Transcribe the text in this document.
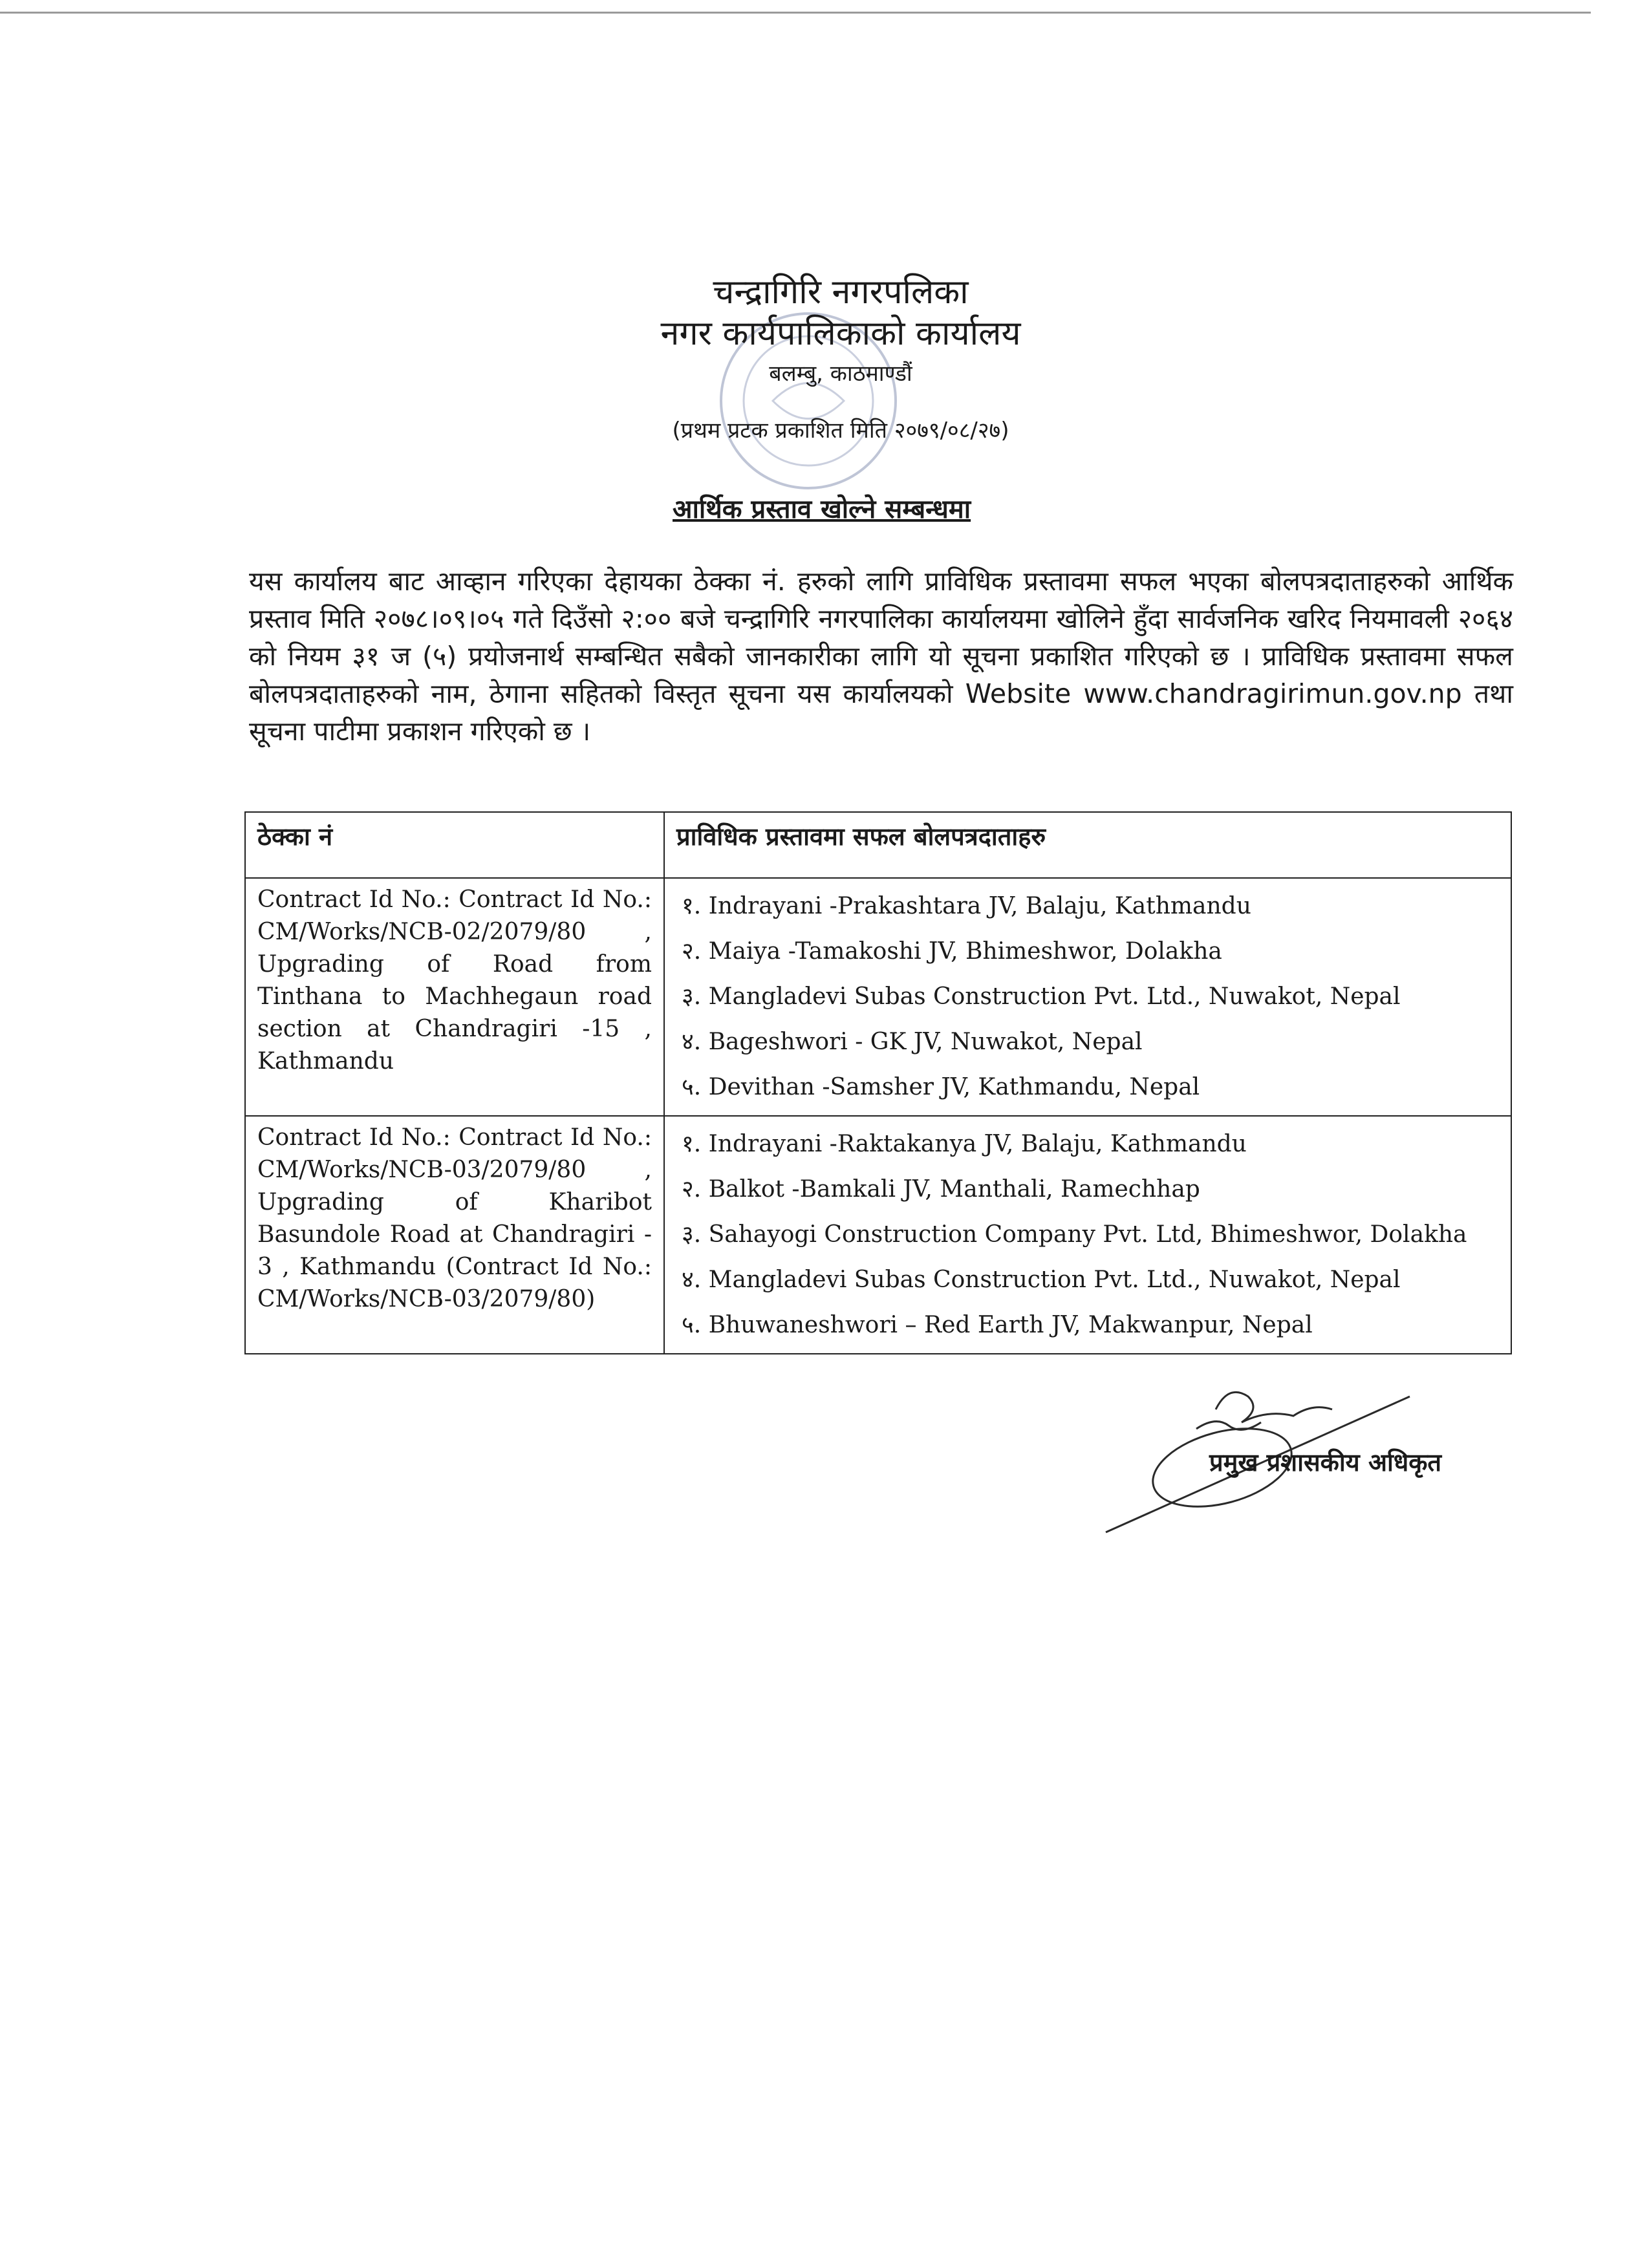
चन्द्रागिरि नगरपलिका
नगर कार्यपालिकाको कार्यालय
बलम्बु, काठमाण्डौं
(प्रथम प्रटक प्रकाशित मिति २०७९/०८/२७)
आर्थिक प्रस्ताव खोल्ने सम्बन्धमा
यस कार्यालय बाट आव्हान गरिएका देहायका ठेक्का नं. हरुको लागि प्राविधिक प्रस्तावमा सफल भएका बोलपत्रदाताहरुको आर्थिक प्रस्ताव मिति २०७८।०९।०५ गते दिउँसो २:०० बजे चन्द्रागिरि नगरपालिका कार्यालयमा खोलिने हुँदा सार्वजनिक खरिद नियमावली २०६४ को नियम ३१ ज (५) प्रयोजनार्थ सम्बन्धित सबैको जानकारीका लागि यो सूचना प्रकाशित गरिएको छ । प्राविधिक प्रस्तावमा सफल बोलपत्रदाताहरुको नाम, ठेगाना सहितको विस्तृत सूचना यस कार्यालयको Website www.chandragirimun.gov.np तथा सूचना पाटीमा प्रकाशन गरिएको छ ।
ठेक्का नं	प्राविधिक प्रस्तावमा सफल बोलपत्रदाताहरु
Contract Id No.: Contract Id No.: CM/Works/NCB-02/2079/80 , Upgrading of Road from Tinthana to Machhegaun road section at Chandragiri -15 , Kathmandu	१. Indrayani -Prakashtara JV, Balaju, Kathmandu
२. Maiya -Tamakoshi JV, Bhimeshwor, Dolakha
३. Mangladevi Subas Construction Pvt. Ltd., Nuwakot, Nepal
४. Bageshwori - GK JV, Nuwakot, Nepal
५. Devithan -Samsher JV, Kathmandu, Nepal

Contract Id No.: Contract Id No.: CM/Works/NCB-03/2079/80 , Upgrading of Kharibot Basundole Road at Chandragiri - 3 , Kathmandu (Contract Id No.: CM/Works/NCB-03/2079/80)	१. Indrayani -Raktakanya JV, Balaju, Kathmandu
२. Balkot -Bamkali JV, Manthali, Ramechhap
३. Sahayogi Construction Company Pvt. Ltd, Bhimeshwor, Dolakha
४. Mangladevi Subas Construction Pvt. Ltd., Nuwakot, Nepal
५. Bhuwaneshwori – Red Earth JV, Makwanpur, Nepal
प्रमुख प्रशासकीय अधिकृत
